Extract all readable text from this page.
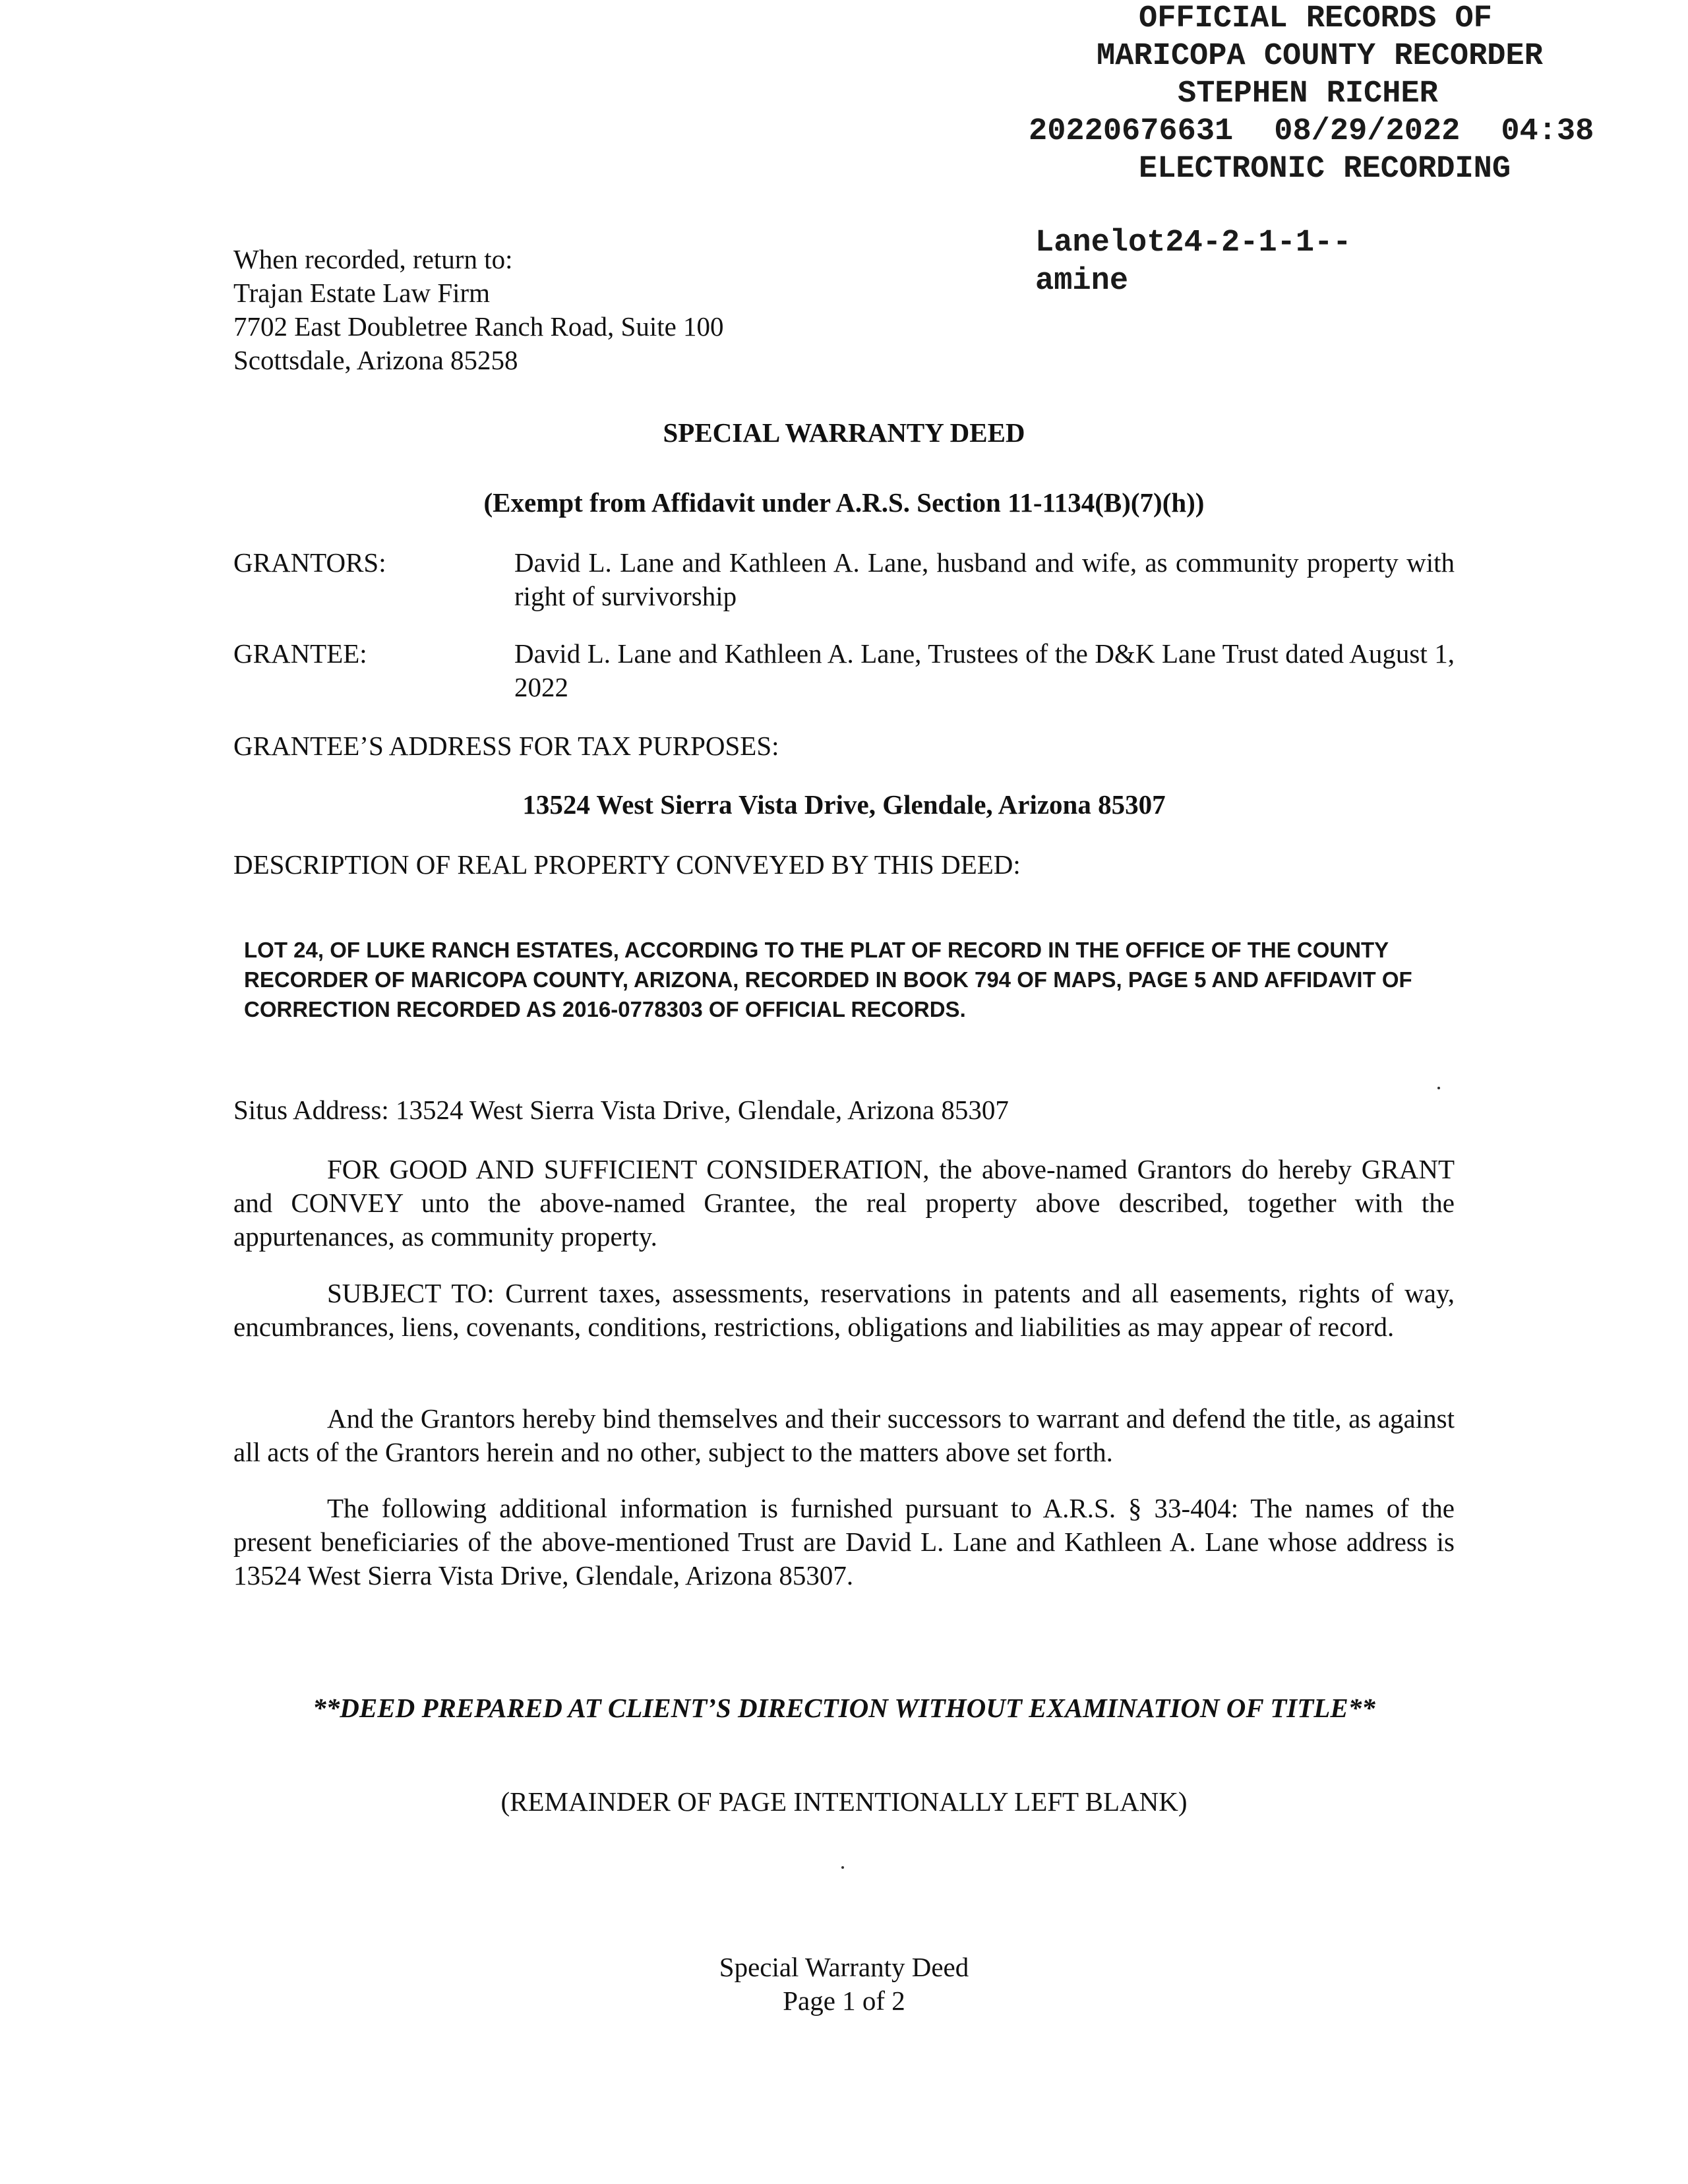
OFFICIAL RECORDS OF
MARICOPA COUNTY RECORDER
STEPHEN RICHER
20220676631 08/29/2022 04:38
ELECTRONIC RECORDING
Lanelot24-2-1-1--
amine
When recorded, return to:
Trajan Estate Law Firm
7702 East Doubletree Ranch Road, Suite 100
Scottsdale, Arizona 85258
SPECIAL WARRANTY DEED
(Exempt from Affidavit under A.R.S. Section 11-1134(B)(7)(h))
GRANTORS:	David L. Lane and Kathleen A. Lane, husband and wife, as community property with right of survivorship
GRANTEE:	David L. Lane and Kathleen A. Lane, Trustees of the D&K Lane Trust dated August 1, 2022
GRANTEE’S ADDRESS FOR TAX PURPOSES:
13524 West Sierra Vista Drive, Glendale, Arizona 85307
DESCRIPTION OF REAL PROPERTY CONVEYED BY THIS DEED:
LOT 24, OF LUKE RANCH ESTATES, ACCORDING TO THE PLAT OF RECORD IN THE OFFICE OF THE COUNTY RECORDER OF MARICOPA COUNTY, ARIZONA, RECORDED IN BOOK 794 OF MAPS, PAGE 5 AND AFFIDAVIT OF CORRECTION RECORDED AS 2016-0778303 OF OFFICIAL RECORDS.
Situs Address: 13524 West Sierra Vista Drive, Glendale, Arizona 85307
FOR GOOD AND SUFFICIENT CONSIDERATION, the above-named Grantors do hereby GRANT and CONVEY unto the above-named Grantee, the real property above described, together with the appurtenances, as community property.
SUBJECT TO: Current taxes, assessments, reservations in patents and all easements, rights of way, encumbrances, liens, covenants, conditions, restrictions, obligations and liabilities as may appear of record.
And the Grantors hereby bind themselves and their successors to warrant and defend the title, as against all acts of the Grantors herein and no other, subject to the matters above set forth.
The following additional information is furnished pursuant to A.R.S. § 33-404: The names of the present beneficiaries of the above-mentioned Trust are David L. Lane and Kathleen A. Lane whose address is 13524 West Sierra Vista Drive, Glendale, Arizona 85307.
**DEED PREPARED AT CLIENT’S DIRECTION WITHOUT EXAMINATION OF TITLE**
(REMAINDER OF PAGE INTENTIONALLY LEFT BLANK)
Special Warranty Deed
Page 1 of 2
